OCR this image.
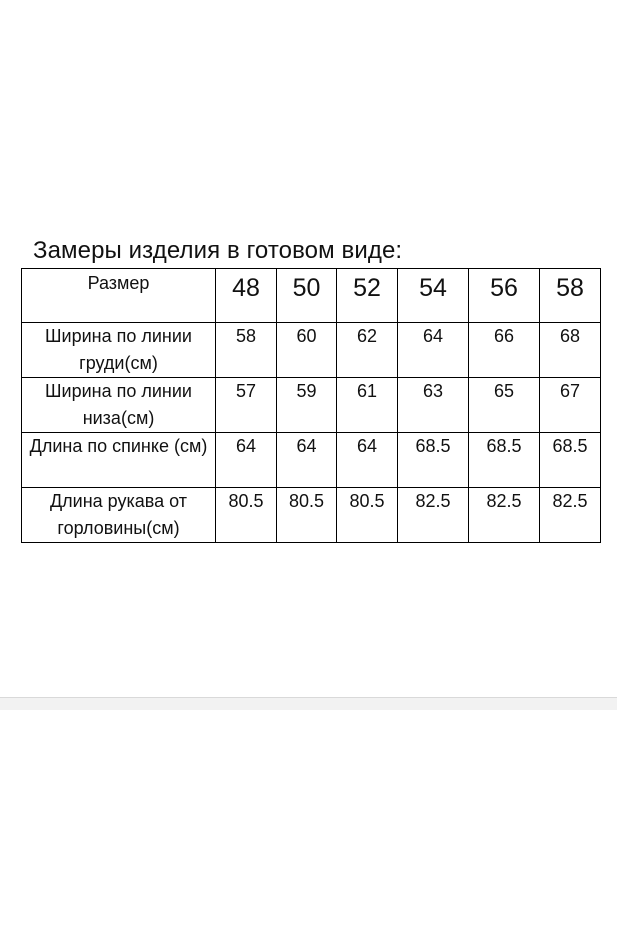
Замеры изделия в готовом виде:
Размер	48	50	52	54	56	58
Ширина по линии груди(см)	58	60	62	64	66	68
Ширина по линии низа(см)	57	59	61	63	65	67
Длина по спинке (см)	64	64	64	68.5	68.5	68.5
Длина рукава от горловины(см)	80.5	80.5	80.5	82.5	82.5	82.5
